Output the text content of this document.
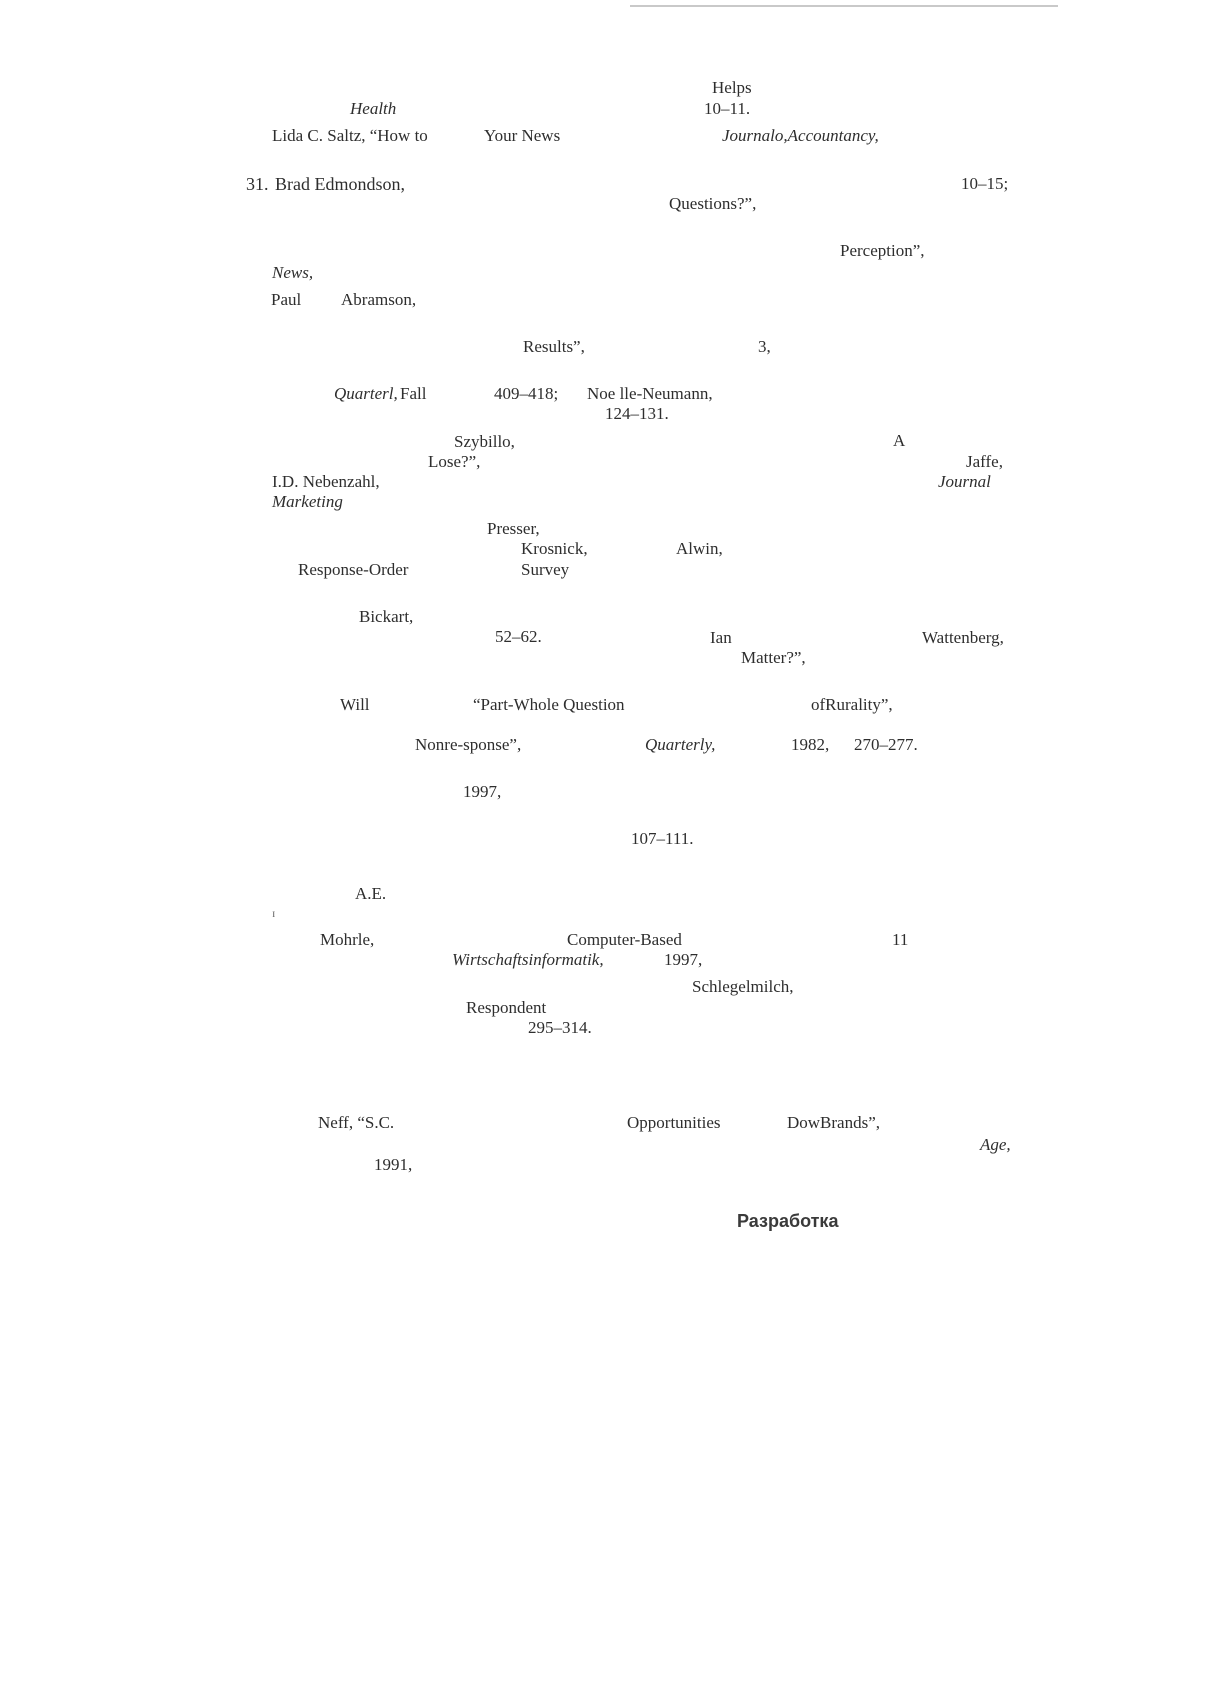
Helps
Health	10–11.
Lida C. Saltz, “How to	Your News	Journalo,Accountancy,
31. Brad Edmondson,	10–15;
Questions?”,
Perception”,
News,
Paul Abramson,
Results”,	3,
Quarterl, Fall	409–418; Noe lle-Neumann,
124–131.
Szybillo,	A
Lose?”,	Jaffe,
I.D. Nebenzahl,	Journal
Marketing
Presser,
Krosnick,	Alwin,
Response-Order	Survey
Bickart,
52–62.	Ian	Wattenberg,
Matter?”,
Will	“Part-Whole Question	ofRurality”,
Nonre-sponse”,	Quarterly,	1982, 270–277.
1997,
107–111.
A.E.
ɪ
Mohrle,	Computer-Based	11
Wirtschaftsinformatik,	1997,
Schlegelmilch,
Respondent
295–314.
Neff, “S.C.	Opportunities	DowBrands”,
Age,
1991,
Разработка
